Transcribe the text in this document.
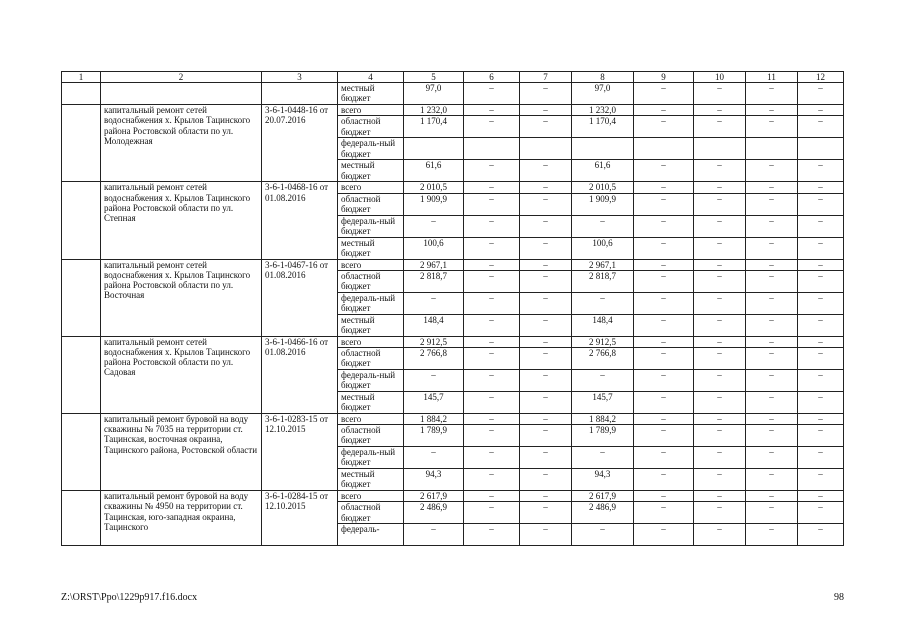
1	2	3	4	5	6	7	8	9	10	11	12
			местный бюджет	97,0	–	–	97,0	–	–	–	–
	капитальный ремонт сетей водоснабжения х. Крылов Тацинского района Ростовской области по ул. Молодежная	3-6-1-0448-16 от 20.07.2016	всего	1 232,0	–	–	1 232,0	–	–	–	–
			областной бюджет	1 170,4	–	–	1 170,4	–	–	–	–
			федераль-ный бюджет								
			местный бюджет	61,6	–	–	61,6	–	–	–	–
	капитальный ремонт сетей водоснабжения х. Крылов Тацинского района Ростовской области по ул. Степная	3-6-1-0468-16 от 01.08.2016	всего	2 010,5	–	–	2 010,5	–	–	–	–
			областной бюджет	1 909,9	–	–	1 909,9	–	–	–	–
			федераль-ный бюджет	–	–	–	–	–	–	–	–
			местный бюджет	100,6	–	–	100,6	–	–	–	–
	капитальный ремонт сетей водоснабжения х. Крылов Тацинского района Ростовской области по ул. Восточная	3-6-1-0467-16 от 01.08.2016	всего	2 967,1	–	–	2 967,1	–	–	–	–
			областной бюджет	2 818,7	–	–	2 818,7	–	–	–	–
			федераль-ный бюджет	–	–	–	–	–	–	–	–
			местный бюджет	148,4	–	–	148,4	–	–	–	–
	капитальный ремонт сетей водоснабжения х. Крылов Тацинского района Ростовской области по ул. Садовая	3-6-1-0466-16 от 01.08.2016	всего	2 912,5	–	–	2 912,5	–	–	–	–
			областной бюджет	2 766,8	–	–	2 766,8	–	–	–	–
			федераль-ный бюджет	–	–	–	–	–	–	–	–
			местный бюджет	145,7	–	–	145,7	–	–	–	–
	капитальный ремонт буровой на воду скважины № 7035 на территории ст. Тацинская, восточная окраина, Тацинского района, Ростовской области	3-6-1-0283-15 от 12.10.2015	всего	1 884,2	–	–	1 884,2	–	–	–	–
			областной бюджет	1 789,9	–	–	1 789,9	–	–	–	–
			федераль-ный бюджет	–	–	–	–	–	–	–	–
			местный бюджет	94,3	–	–	94,3	–	–	–	–
	капитальный ремонт буровой на воду скважины № 4950 на территории ст. Тацинская, юго-западная окраина, Тацинского	3-6-1-0284-15 от 12.10.2015	всего	2 617,9	–	–	2 617,9	–	–	–	–
			областной бюджет	2 486,9	–	–	2 486,9	–	–	–	–
			федераль-	–	–	–	–	–	–	–	–
Z:\ORST\Ppo\1229p917.f16.docx	98
